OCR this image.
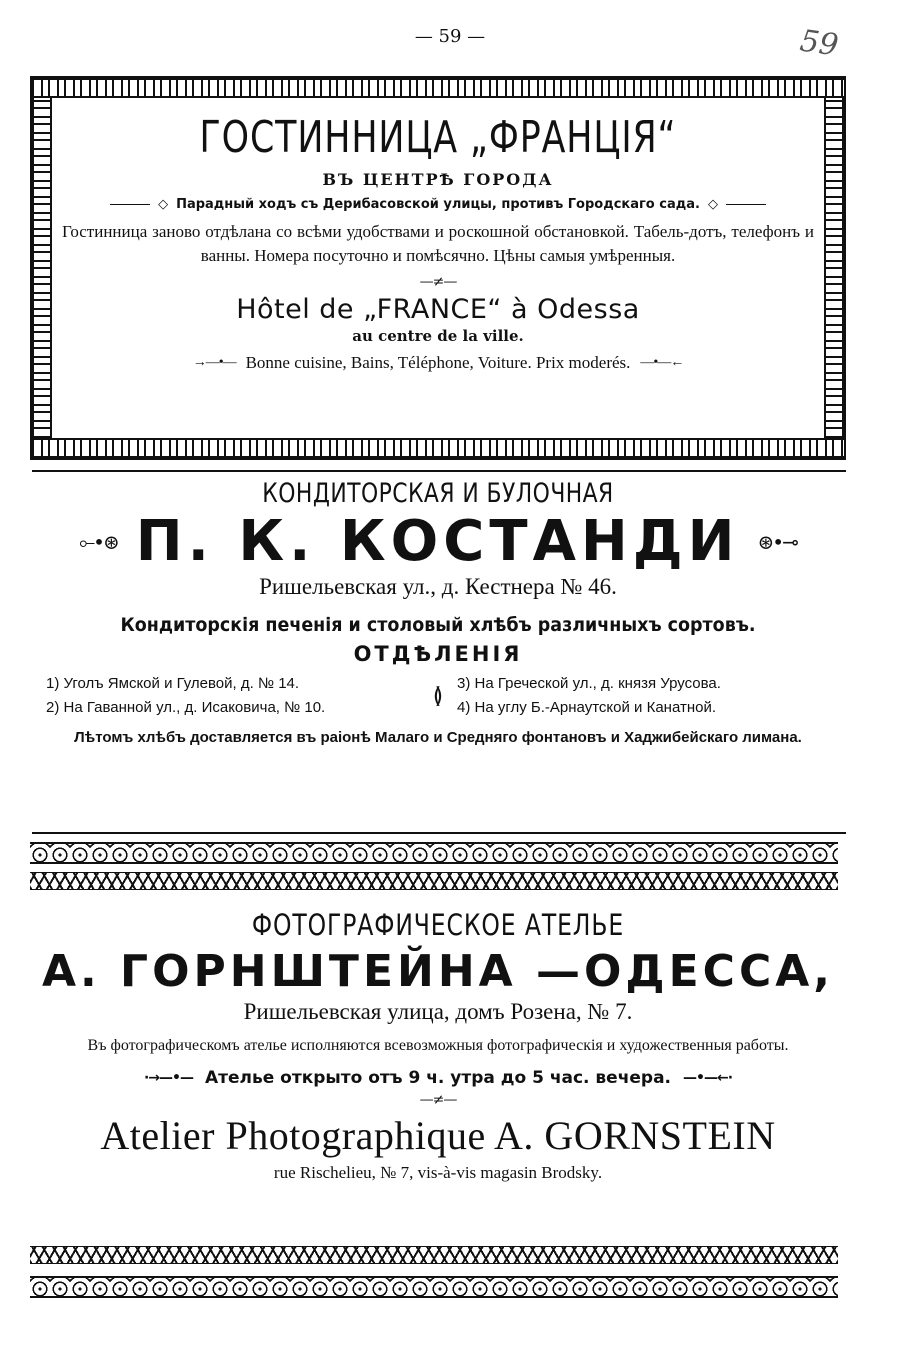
— 59 —	59
ГОСТИННИЦА „ФРАНЦІЯ“
ВЪ ЦЕНТРѢ ГОРОДА
◇ Парадный ходъ съ Дерибасовской улицы, противъ Городскаго сада. ◇
Гостинница заново отдѣлана со всѣми удобствами и роскошной обстановкой. Табель-дотъ, телефонъ и ванны. Номера посуточно и помѣсячно. Цѣны самыя умѣренныя.
—≠—
Hôtel de „FRANCE“ à Odessa
au centre de la ville.
→—•— Bonne cuisine, Bains, Téléphone, Voiture. Prix moderés. —•—←
КОНДИТОРСКАЯ И БУЛОЧНАЯ
⟜•⊛ П. К. КОСТАНДИ ⊛•⊸
Ришельевская ул., д. Кестнера № 46.
Кондиторскія печенія и столовый хлѣбъ различныхъ сортовъ.
ОТДѢЛЕНІЯ
1) Уголъ Ямской и Гулевой, д. № 14.
2) На Гаванной ул., д. Исаковича, № 10.	≬ 3) На Греческой ул., д. князя Урусова.
4) На углу Б.-Арнаутской и Канатной.
Лѣтомъ хлѣбъ доставляется въ раіонѣ Малаго и Средняго фонтановъ и Хаджибейскаго лимана.
ФОТОГРАФИЧЕСКОЕ АТЕЛЬЕ
А. ГОРНШТЕЙНА —ОДЕССА,
Ришельевская улица, домъ Розена, № 7.
Въ фотографическомъ ателье исполняются всевозможныя фотографическія и художественныя работы.
·→—•— Ателье открыто отъ 9 ч. утра до 5 час. вечера. —•—←·
—≠—
Atelier Photographique A. GORNSTEIN
rue Rischelieu, № 7, vis-à-vis magasin Brodsky.
